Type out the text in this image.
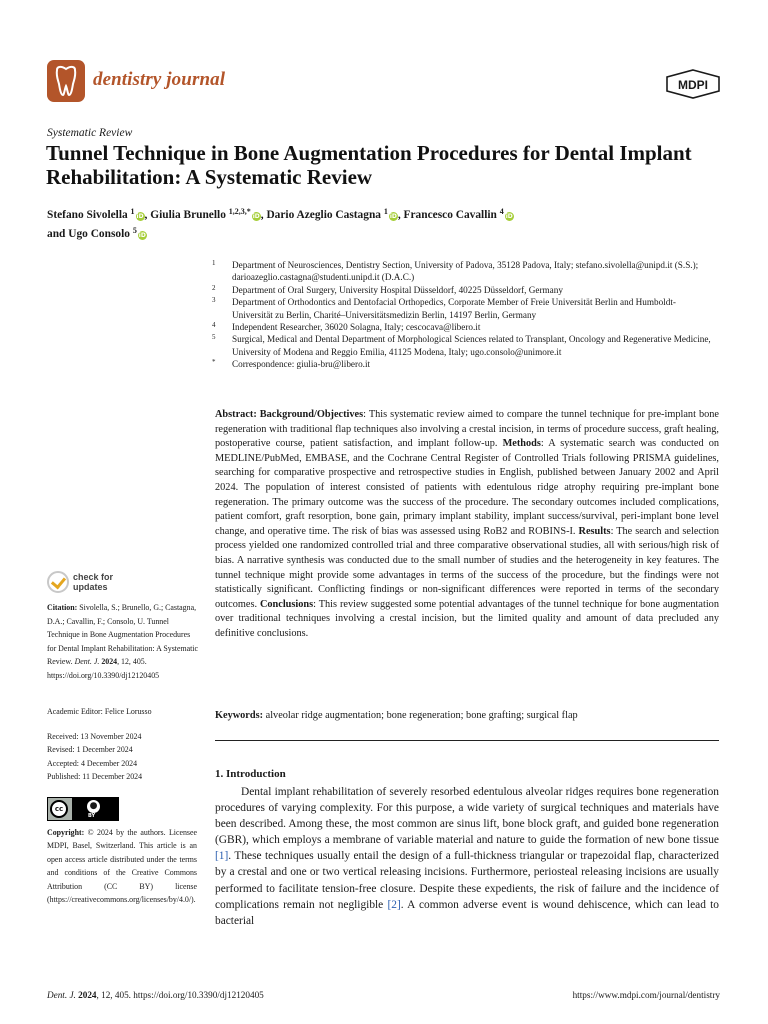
dentistry journal	MDPI
Systematic Review
Tunnel Technique in Bone Augmentation Procedures for Dental Implant Rehabilitation: A Systematic Review
Stefano Sivolella $^1$iD, Giulia Brunello $^{1,2,3,*}$iD, Dario Azeglio Castagna $^1$iD, Francesco Cavallin $^4$iD
and Ugo Consolo $^5$iD
1 Department of Neurosciences, Dentistry Section, University of Padova, 35128 Padova, Italy; stefano.sivolella@unipd.it (S.S.); darioazeglio.castagna@studenti.unipd.it (D.A.C.)
2 Department of Oral Surgery, University Hospital Düsseldorf, 40225 Düsseldorf, Germany
3 Department of Orthodontics and Dentofacial Orthopedics, Corporate Member of Freie Universität Berlin and Humboldt-Universität zu Berlin, Charité–Universitätsmedizin Berlin, 14197 Berlin, Germany
4 Independent Researcher, 36020 Solagna, Italy; cescocava@libero.it
5 Surgical, Medical and Dental Department of Morphological Sciences related to Transplant, Oncology and Regenerative Medicine, University of Modena and Reggio Emilia, 41125 Modena, Italy; ugo.consolo@unimore.it
* Correspondence: giulia-bru@libero.it

Abstract: Background/Objectives: This systematic review aimed to compare the tunnel technique for pre-implant bone regeneration with traditional flap techniques also involving a crestal incision, in terms of procedure success, graft healing, postoperative course, patient satisfaction, and implant follow-up. Methods: A systematic search was conducted on MEDLINE/PubMed, EMBASE, and the Cochrane Central Register of Controlled Trials following PRISMA guidelines, searching for comparative prospective and retrospective studies in English, published between January 2002 and April 2024. The population of interest consisted of patients with edentulous ridge atrophy requiring pre-implant bone regeneration. The primary outcome was the success of the procedure. The secondary outcomes included complications, patient comfort, graft resorption, bone gain, primary implant stability, implant success/survival, peri-implant bone level change, and operative time. The risk of bias was assessed using RoB2 and ROBINS-I. Results: The search and selection process yielded one randomized controlled trial and three comparative observational studies, all with serious/high risk of bias. A narrative synthesis was conducted due to the small number of studies and the heterogeneity in key features. The tunnel technique might provide some advantages in terms of the success of the procedure, but the findings were not statistically significant. Conflicting findings or non-significant differences were reported in terms of the secondary outcomes. Conclusions: This review suggested some potential advantages of the tunnel technique for bone augmentation over traditional techniques involving a crestal incision, but the limited quality and amount of data precluded any definitive conclusions.

Keywords: alveolar ridge augmentation; bone regeneration; bone grafting; surgical flap
1. Introduction

Dental implant rehabilitation of severely resorbed edentulous alveolar ridges requires bone regeneration procedures of varying complexity. For this purpose, a wide variety of surgical techniques and materials have been described. Among these, the most common are sinus lift, bone block graft, and guided bone regeneration (GBR), which employs a membrane of variable material and nature to guide the formation of new bone tissue [1]. These techniques usually entail the design of a full-thickness triangular or trapezoidal flap, characterized by a crestal and one or two vertical releasing incisions. Furthermore, periosteal releasing incisions are usually performed to facilitate tension-free closure. Despite these expedients, the risk of failure and the incidence of complications remain not negligible [2]. A common adverse event is wound dehiscence, which can lead to bacterial

check for
updates
Citation: Sivolella, S.; Brunello, G.; Castagna, D.A.; Cavallin, F.; Consolo, U. Tunnel Technique in Bone Augmentation Procedures for Dental Implant Rehabilitation: A Systematic Review. Dent. J. 2024, 12, 405. https://doi.org/10.3390/dj12120405
Academic Editor: Felice Lorusso
Received: 13 November 2024
Revised: 1 December 2024
Accepted: 4 December 2024
Published: 11 December 2024
cc	●
BY

Copyright: © 2024 by the authors. Licensee MDPI, Basel, Switzerland. This article is an open access article distributed under the terms and conditions of the Creative Commons Attribution (CC BY) license (https://creativecommons.org/licenses/by/4.0/).

Dent. J. 2024, 12, 405. https://doi.org/10.3390/dj12120405	https://www.mdpi.com/journal/dentistry
